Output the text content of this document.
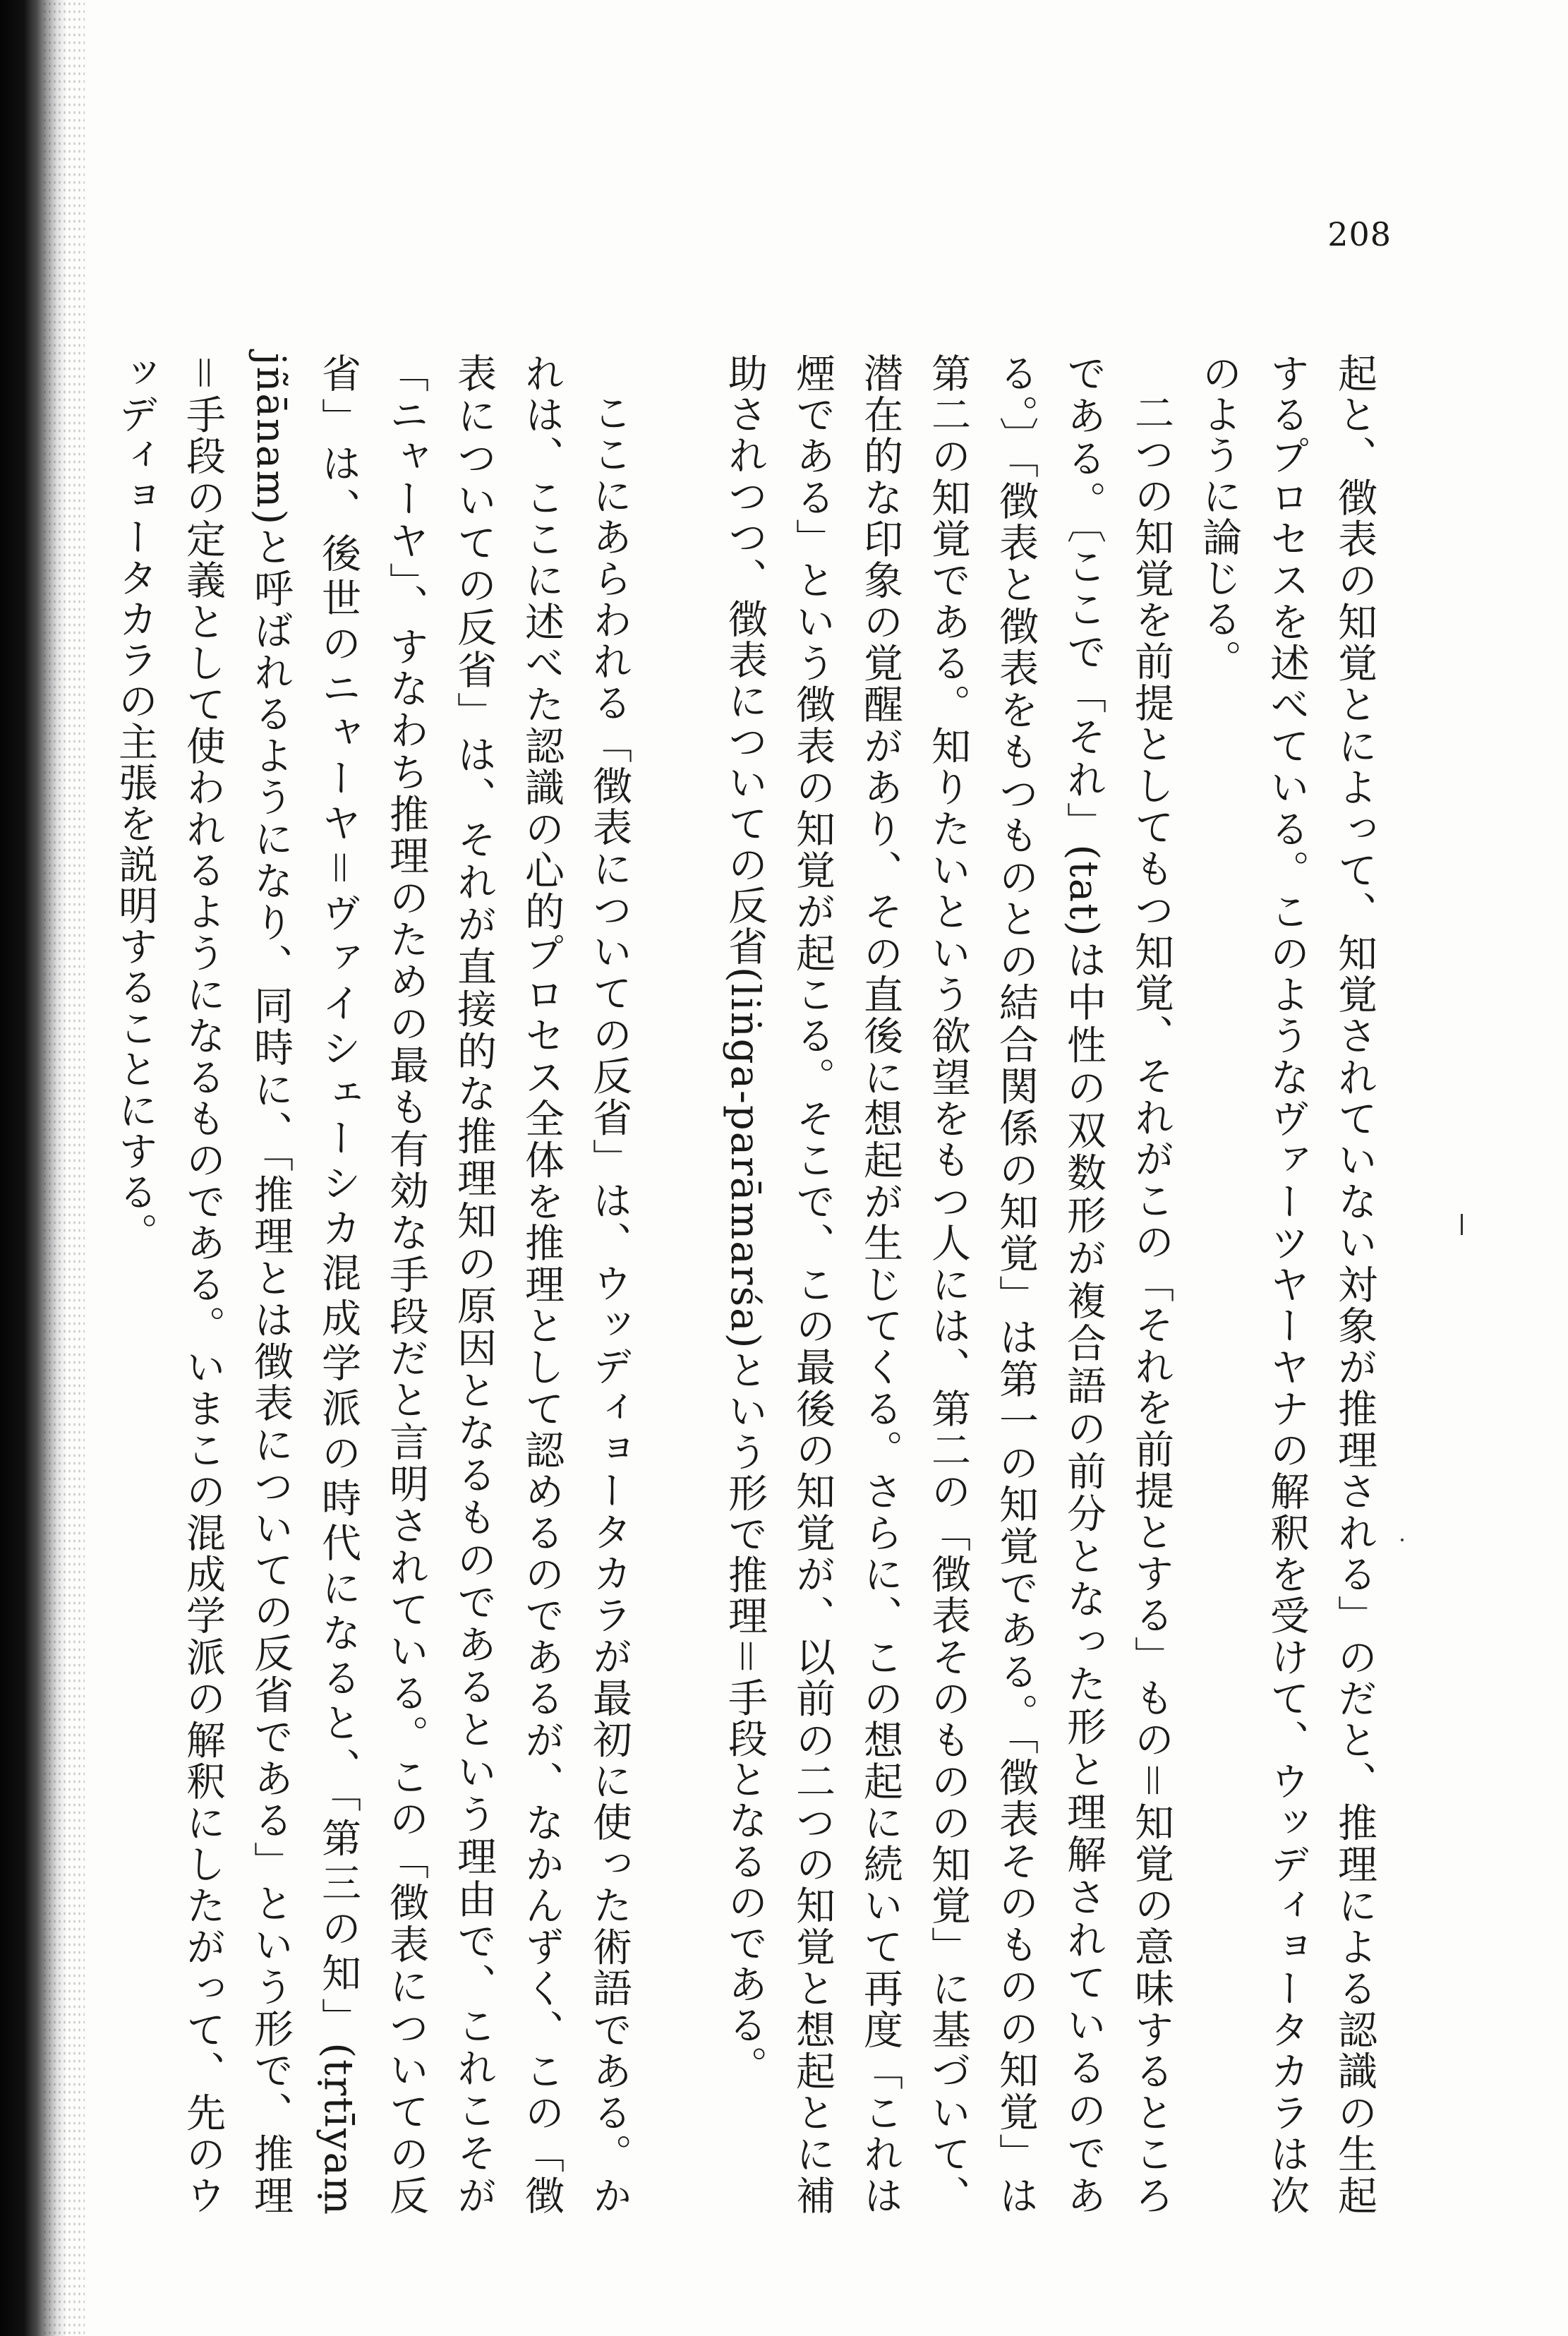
208

起と、徴表の知覚とによって、知覚されていない対象が推理される」のだと、推理による認識の生起するプロセスを述べている。このようなヴァーツヤーヤナの解釈を受けて、ウッディョータカラは次のように論じる。

二つの知覚を前提としてもつ知覚、それがこの「それを前提とする」もの＝知覚の意味するところである。〔ここで「それ」(tat)は中性の双数形が複合語の前分となった形と理解されているのである。〕「徴表と徴表をもつものとの結合関係の知覚」は第一の知覚である。「徴表そのものの知覚」は第二の知覚である。知りたいという欲望をもつ人には、第二の「徴表そのものの知覚」に基づいて、潜在的な印象の覚醒があり、その直後に想起が生じてくる。さらに、この想起に続いて再度「これは煙である」という徴表の知覚が起こる。そこで、この最後の知覚が、以前の二つの知覚と想起とに補助されつつ、徴表についての反省(liṅga-parāmarśa)という形で推理＝手段となるのである。

ここにあらわれる「徴表についての反省」は、ウッディョータカラが最初に使った術語である。かれは、ここに述べた認識の心的プロセス全体を推理として認めるのであるが、なかんずく、この「徴表についての反省」は、それが直接的な推理知の原因となるものであるという理由で、これこそが「ニャーヤ」、すなわち推理のための最も有効な手段だと言明されている。この「徴表についての反省」は、後世のニャーヤ＝ヴァイシェーシカ混成学派の時代になると、「第三の知」(tṛtīyaṃ jñānam)と呼ばれるようになり、同時に、「推理とは徴表についての反省である」という形で、推理＝手段の定義として使われるようになるものである。いまこの混成学派の解釈にしたがって、先のウッディョータカラの主張を説明することにする。
